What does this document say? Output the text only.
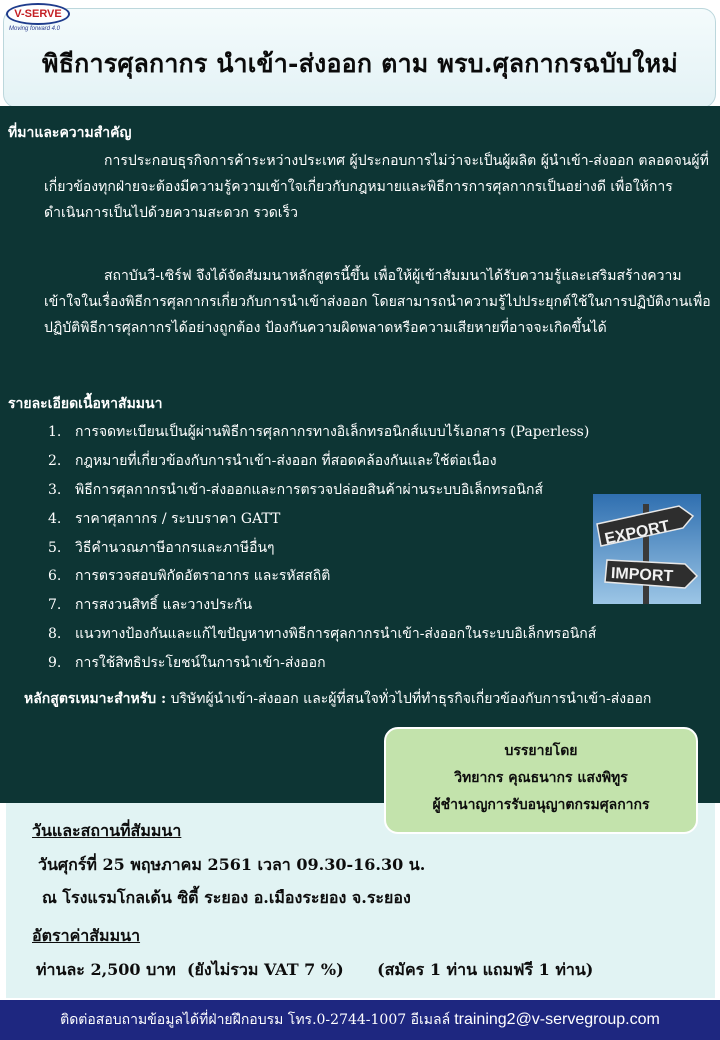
V-SERVE
Moving forward 4.0
พิธีการศุลกากร นำเข้า-ส่งออก ตาม พรบ.ศุลกากรฉบับใหม่
ที่มาและความสำคัญ
การประกอบธุรกิจการค้าระหว่างประเทศ ผู้ประกอบการไม่ว่าจะเป็นผู้ผลิต ผู้นำเข้า-ส่งออก ตลอดจนผู้ที่เกี่ยวข้องทุกฝ่ายจะต้องมีความรู้ความเข้าใจเกี่ยวกับกฎหมายและพิธีการการศุลกากรเป็นอย่างดี เพื่อให้การดำเนินการเป็นไปด้วยความสะดวก รวดเร็ว
สถาบันวี-เซิร์ฟ จึงได้จัดสัมมนาหลักสูตรนี้ขึ้น เพื่อให้ผู้เข้าสัมมนาได้รับความรู้และเสริมสร้างความเข้าใจในเรื่องพิธีการศุลกากรเกี่ยวกับการนำเข้าส่งออก โดยสามารถนำความรู้ไปประยุกต์ใช้ในการปฏิบัติงานเพื่อปฏิบัติพิธีการศุลกากรได้อย่างถูกต้อง ป้องกันความผิดพลาดหรือความเสียหายที่อาจจะเกิดขึ้นได้
รายละเอียดเนื้อหาสัมมนา
1. การจดทะเบียนเป็นผู้ผ่านพิธีการศุลกากรทางอิเล็กทรอนิกส์แบบไร้เอกสาร (Paperless)
2. กฎหมายที่เกี่ยวข้องกับการนำเข้า-ส่งออก ที่สอดคล้องกันและใช้ต่อเนื่อง
3. พิธีการศุลกากรนำเข้า-ส่งออกและการตรวจปล่อยสินค้าผ่านระบบอิเล็กทรอนิกส์
4. ราคาศุลกากร / ระบบราคา GATT
5. วิธีคำนวณภาษีอากรและภาษีอื่นๆ
6. การตรวจสอบพิกัดอัตราอากร และรหัสสถิติ
7. การสงวนสิทธิ์ และวางประกัน
8. แนวทางป้องกันและแก้ไขปัญหาทางพิธีการศุลกากรนำเข้า-ส่งออกในระบบอิเล็กทรอนิกส์
9. การใช้สิทธิประโยชน์ในการนำเข้า-ส่งออก
EXPORT
IMPORT
หลักสูตรเหมาะสำหรับ : บริษัทผู้นำเข้า-ส่งออก และผู้ที่สนใจทั่วไปที่ทำธุรกิจเกี่ยวข้องกับการนำเข้า-ส่งออก
บรรยายโดย
วิทยากร คุณธนากร แสงพิทูร
ผู้ชำนาญการรับอนุญาตกรมศุลกากร
วันและสถานที่สัมมนา
วันศุกร์ที่ 25 พฤษภาคม 2561 เวลา 09.30-16.30 น.
ณ โรงแรมโกลเด้น ซิตี้ ระยอง อ.เมืองระยอง จ.ระยอง
อัตราค่าสัมมนา
ท่านละ 2,500 บาท (ยังไม่รวม VAT 7 %) (สมัคร 1 ท่าน แถมฟรี 1 ท่าน)
ติดต่อสอบถามข้อมูลได้ที่ฝ่ายฝึกอบรม โทร.0-2744-1007 อีเมลล์ training2@v-servegroup.com
